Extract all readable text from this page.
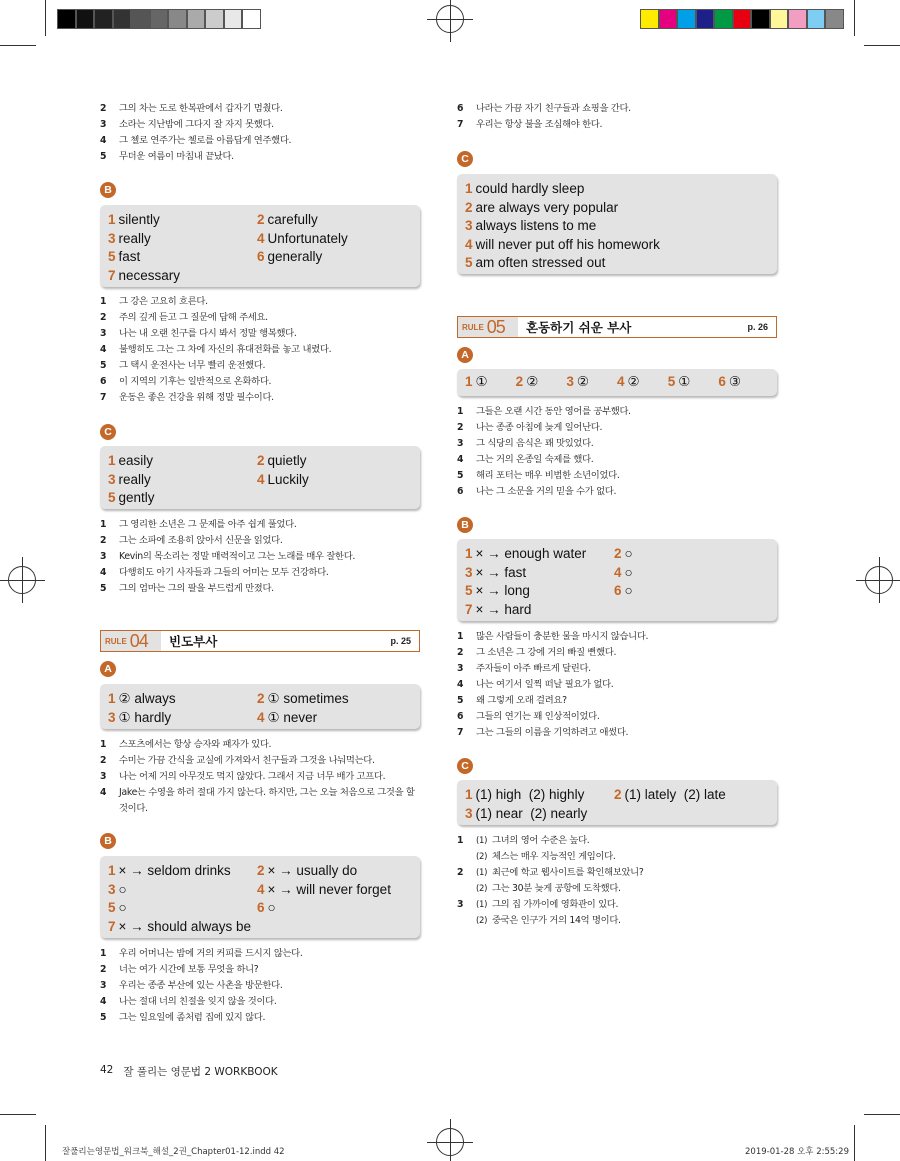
2	그의 차는 도로 한복판에서 갑자기 멈췄다.
3	소라는 지난밤에 그다지 잘 자지 못했다.
4	그 첼로 연주가는 첼로를 아름답게 연주했다.
5	무더운 여름이 마침내 끝났다.
B
1 silently	2 carefully
3 really	4 Unfortunately
5 fast	6 generally
7 necessary
1	그 강은 고요히 흐른다.
2	주의 깊게 듣고 그 질문에 답해 주세요.
3	나는 내 오랜 친구를 다시 봐서 정말 행복했다.
4	불행히도 그는 그 차에 자신의 휴대전화를 놓고 내렸다.
5	그 택시 운전사는 너무 빨리 운전했다.
6	이 지역의 기후는 일반적으로 온화하다.
7	운동은 좋은 건강을 위해 정말 필수이다.
C
1 easily	2 quietly
3 really	4 Luckily
5 gently
1	그 영리한 소년은 그 문제를 아주 쉽게 풀었다.
2	그는 소파에 조용히 앉아서 신문을 읽었다.
3	Kevin의 목소리는 정말 매력적이고 그는 노래를 매우 잘한다.
4	다행히도 아기 사자들과 그들의 어미는 모두 건강하다.
5	그의 엄마는 그의 팔을 부드럽게 만졌다.
RULE 04 빈도부사	p. 25
A
1 ② always	2 ① sometimes
3 ① hardly	4 ① never
1	스포츠에서는 항상 승자와 패자가 있다.
2	수미는 가끔 간식을 교실에 가져와서 친구들과 그것을 나눠먹는다.
3	나는 어제 거의 아무것도 먹지 않았다. 그래서 지금 너무 배가 고프다.
4	Jake는 수영을 하러 절대 가지 않는다. 하지만, 그는 오늘 처음으로 그것을 할 것이다.
B
1 × → seldom drinks	2 × → usually do
3 ○	4 × → will never forget
5 ○	6 ○
7 × → should always be
1	우리 어머니는 밤에 거의 커피를 드시지 않는다.
2	너는 여가 시간에 보통 무엇을 하니?
3	우리는 종종 부산에 있는 사촌을 방문한다.
4	나는 절대 너의 친절을 잊지 않을 것이다.
5	그는 일요일에 좀처럼 집에 있지 않다.
6	나라는 가끔 자기 친구들과 쇼핑을 간다.
7	우리는 항상 불을 조심해야 한다.
C
1 could hardly sleep
2 are always very popular
3 always listens to me
4 will never put off his homework
5 am often stressed out
RULE 05 혼동하기 쉬운 부사	p. 26
A
1 ①	2 ②	3 ②	4 ②	5 ①	6 ③
1	그들은 오랜 시간 동안 영어를 공부했다.
2	나는 종종 아침에 늦게 일어난다.
3	그 식당의 음식은 꽤 맛있었다.
4	그는 거의 온종일 숙제를 했다.
5	해리 포터는 매우 비범한 소년이었다.
6	나는 그 소문을 거의 믿을 수가 없다.
B
1 × → enough water	2 ○
3 × → fast	4 ○
5 × → long	6 ○
7 × → hard
1	많은 사람들이 충분한 물을 마시지 않습니다.
2	그 소년은 그 강에 거의 빠질 뻔했다.
3	주자들이 아주 빠르게 달린다.
4	나는 여기서 일찍 떠날 필요가 없다.
5	왜 그렇게 오래 걸려요?
6	그들의 연기는 꽤 인상적이었다.
7	그는 그들의 이름을 기억하려고 애썼다.
C
1 (1) high  (2) highly	2 (1) lately  (2) late
3 (1) near  (2) nearly
1	(1) 그녀의 영어 수준은 높다.
(2) 체스는 매우 지능적인 게임이다.
2	(1) 최근에 학교 웹사이트를 확인해보았니?
(2) 그는 30분 늦게 공항에 도착했다.
3	(1) 그의 집 가까이에 영화관이 있다.
(2) 중국은 인구가 거의 14억 명이다.
42 잘 풀리는 영문법 2 WORKBOOK
잘풀리는영문법_워크북_해설_2권_Chapter01-12.indd 42	2019-01-28 오후 2:55:29
